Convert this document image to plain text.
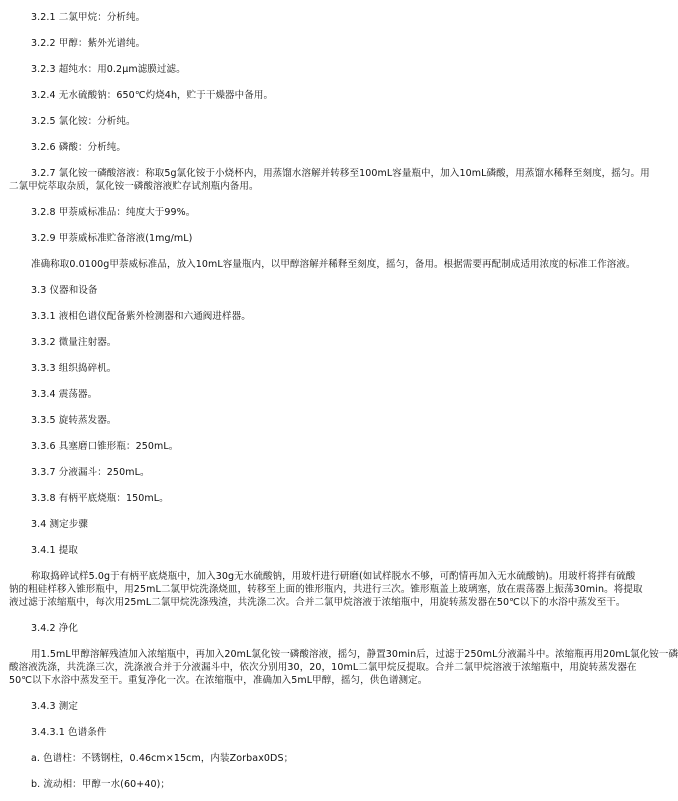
3.2.1 二氯甲烷：分析纯。
3.2.2 甲醇：紫外光谱纯。
3.2.3 超纯水：用0.2μm滤膜过滤。
3.2.4 无水硫酸钠：650℃灼烧4h，贮于干燥器中备用。
3.2.5 氯化铵：分析纯。
3.2.6 磷酸：分析纯。
3.2.7 氯化铵一磷酸溶液：称取5g氯化铵于小烧杯内，用蒸馏水溶解并转移至100mL容量瓶中，加入10mL磷酸，用蒸馏水稀释至刻度，摇匀。用
二氯甲烷萃取杂质，氯化铵一磷酸溶液贮存试剂瓶内备用。
3.2.8 甲萘威标准品：纯度大于99%。
3.2.9 甲萘威标准贮备溶液(1mg/mL)
准确称取0.0100g甲萘威标准品，放入10mL容量瓶内，以甲醇溶解并稀释至刻度，摇匀，备用。根据需要再配制成适用浓度的标准工作溶液。
3.3 仪器和设备
3.3.1 液相色谱仪配备紫外检测器和六通阀进样器。
3.3.2 微量注射器。
3.3.3 组织捣碎机。
3.3.4 震荡器。
3.3.5 旋转蒸发器。
3.3.6 具塞磨口锥形瓶：250mL。
3.3.7 分液漏斗：250mL。
3.3.8 有柄平底烧瓶：150mL。
3.4 测定步骤
3.4.1 提取
称取捣碎试样5.0g于有柄平底烧瓶中，加入30g无水硫酸钠，用玻杆进行研磨(如试样脱水不够，可酌情再加入无水硫酸钠)。用玻杆将拌有硫酸
钠的粗硅样移入锥形瓶中，用25mL二氯甲烷洗涤烧皿，转移至上面的锥形瓶内，共进行三次。锥形瓶盖上玻璃塞，放在震荡器上振荡30min。将提取
液过滤于浓缩瓶中，每次用25mL二氯甲烷洗涤残渣，共洗涤二次。合并二氯甲烷溶液于浓缩瓶中，用旋转蒸发器在50℃以下的水浴中蒸发至干。
3.4.2 净化
用1.5mL甲醇溶解残渣加入浓缩瓶中，再加入20mL氯化铵一磷酸溶液，摇匀，静置30min后，过滤于250mL分液漏斗中。浓缩瓶再用20mL氯化铵一磷
酸溶液洗涤，共洗涤三次，洗涤液合并于分液漏斗中，依次分别用30，20，10mL二氯甲烷反提取。合并二氯甲烷溶液于浓缩瓶中，用旋转蒸发器在
50℃以下水浴中蒸发至干。重复净化一次。在浓缩瓶中，准确加入5mL甲醇，摇匀，供色谱测定。
3.4.3 测定
3.4.3.1 色谱条件
a. 色谱柱：不锈钢柱，0.46cm×15cm，内装Zorbax0DS；
b. 流动相：甲醇一水(60+40)；
